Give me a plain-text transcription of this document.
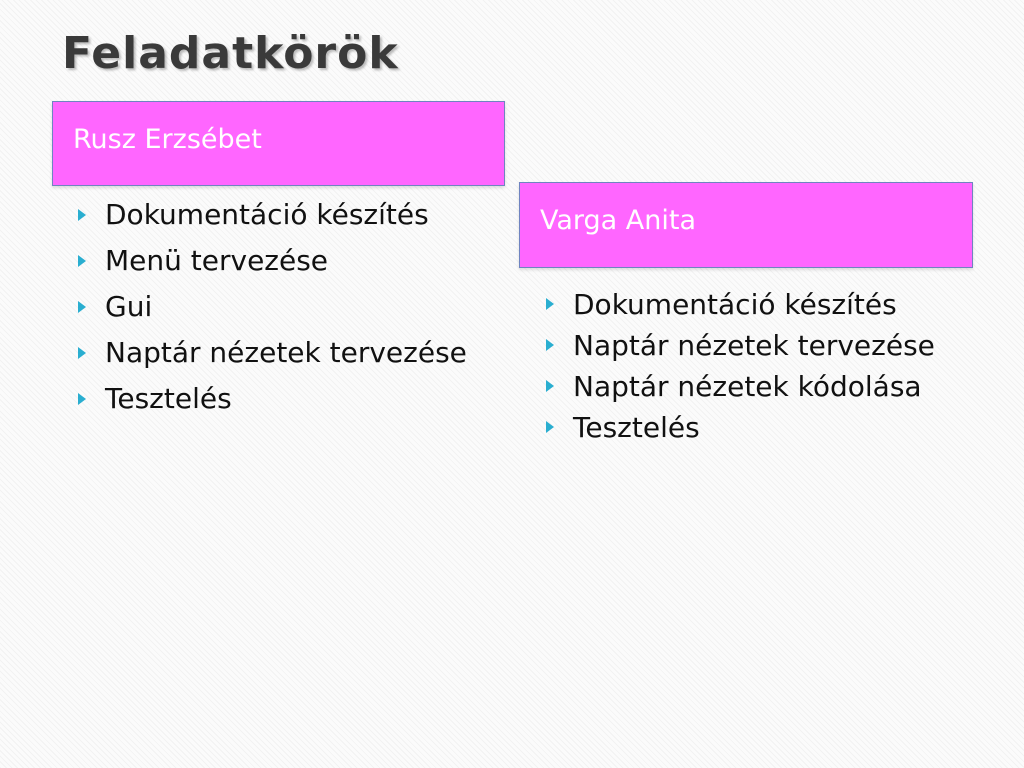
Feladatkörök
Rusz Erzsébet
Dokumentáció készítés
Menü tervezése
Gui
Naptár nézetek tervezése
Tesztelés
Varga Anita
Dokumentáció készítés
Naptár nézetek tervezése
Naptár nézetek kódolása
Tesztelés
